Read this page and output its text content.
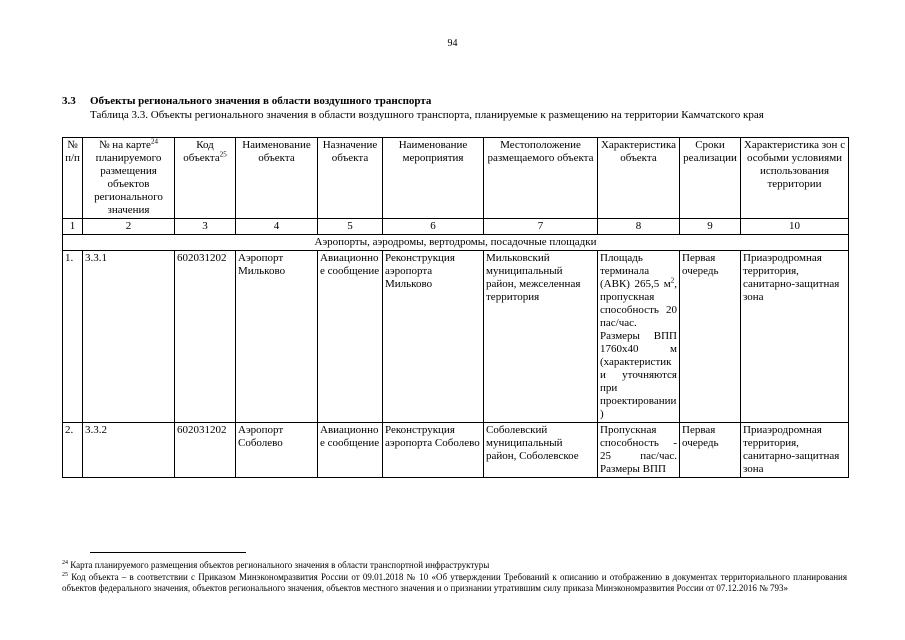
94
3.3 Объекты регионального значения в области воздушного транспорта
Таблица 3.3. Объекты регионального значения в области воздушного транспорта, планируемые к размещению на территории Камчатского края
№ п/п	№ на карте$^{24}$ планируемого размещения объектов регионального значения	Код объекта$^{25}$	Наименование объекта	Назначение объекта	Наименование мероприятия	Местоположение размещаемого объекта	Характеристика объекта	Сроки реализации	Характеристика зон с особыми условиями использования территории
1	2	3	4	5	6	7	8	9	10
Аэропорты, аэродромы, вертодромы, посадочные площадки									
1.	3.3.1	602031202	Аэропорт Мильково	Авиационное сообщение	Реконструкция аэропорта Мильково	Мильковский муниципальный район, межселенная территория	Площадь терминала (АВК) 265,5 $м^2$, пропускная способность 20 пас/час. Размеры ВПП 1760х40 м (характеристики уточняются при проектировании)	Первая очередь	Приаэродромная территория, санитарно-защитная зона
2.	3.3.2	602031202	Аэропорт Соболево	Авиационное сообщение	Реконструкция аэропорта Соболево	Соболевский муниципальный район, Соболевское	Пропускная способность - 25 пас/час. Размеры ВПП	Первая очередь	Приаэродромная территория, санитарно-защитная зона
$^{24}$ Карта планируемого размещения объектов регионального значения в области транспортной инфраструктуры
$^{25}$ Код объекта – в соответствии с Приказом Минэкономразвития России от 09.01.2018 № 10 «Об утверждении Требований к описанию и отображению в документах территориального планирования объектов федерального значения, объектов регионального значения, объектов местного значения и о признании утратившим силу приказа Минэкономразвития России от 07.12.2016 № 793»
